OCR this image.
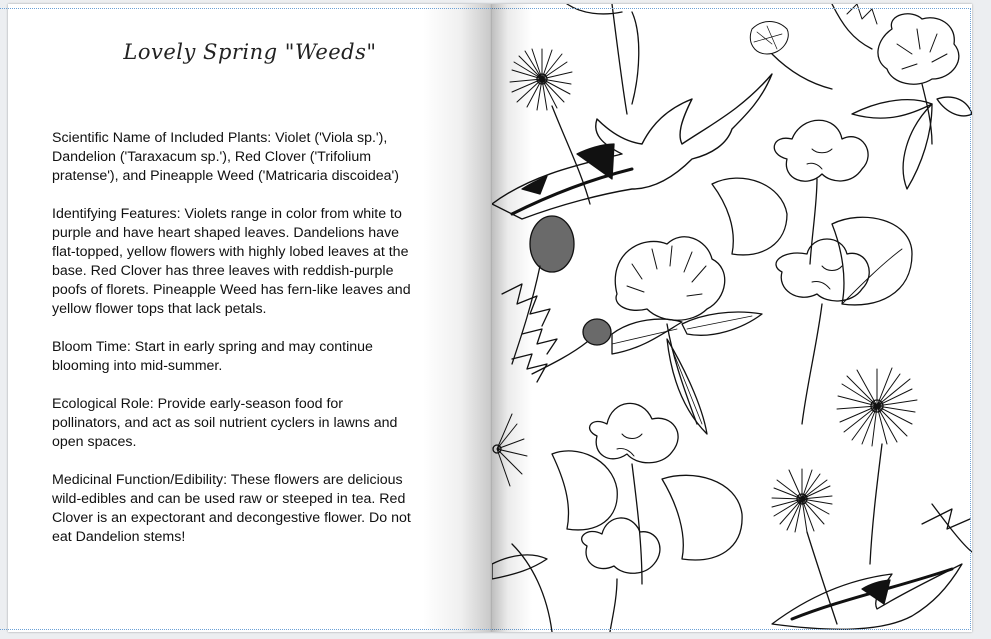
Lovely Spring "Weeds"

Scientific Name of Included Plants: Violet ('Viola sp.'), Dandelion ('Taraxacum sp.'), Red Clover ('Trifolium pratense'), and Pineapple Weed ('Matricaria discoidea')

Identifying Features: Violets range in color from white to purple and have heart shaped leaves. Dandelions have flat-topped, yellow flowers with highly lobed leaves at the base. Red Clover has three leaves with reddish-purple poofs of florets. Pineapple Weed has fern-like leaves and yellow flower tops that lack petals.

Bloom Time: Start in early spring and may continue blooming into mid-summer.

Ecological Role: Provide early-season food for pollinators, and act as soil nutrient cyclers in lawns and open spaces.

Medicinal Function/Edibility: These flowers are delicious wild-edibles and can be used raw or steeped in tea. Red Clover is an expectorant and decongestive flower. Do not eat Dandelion stems!
